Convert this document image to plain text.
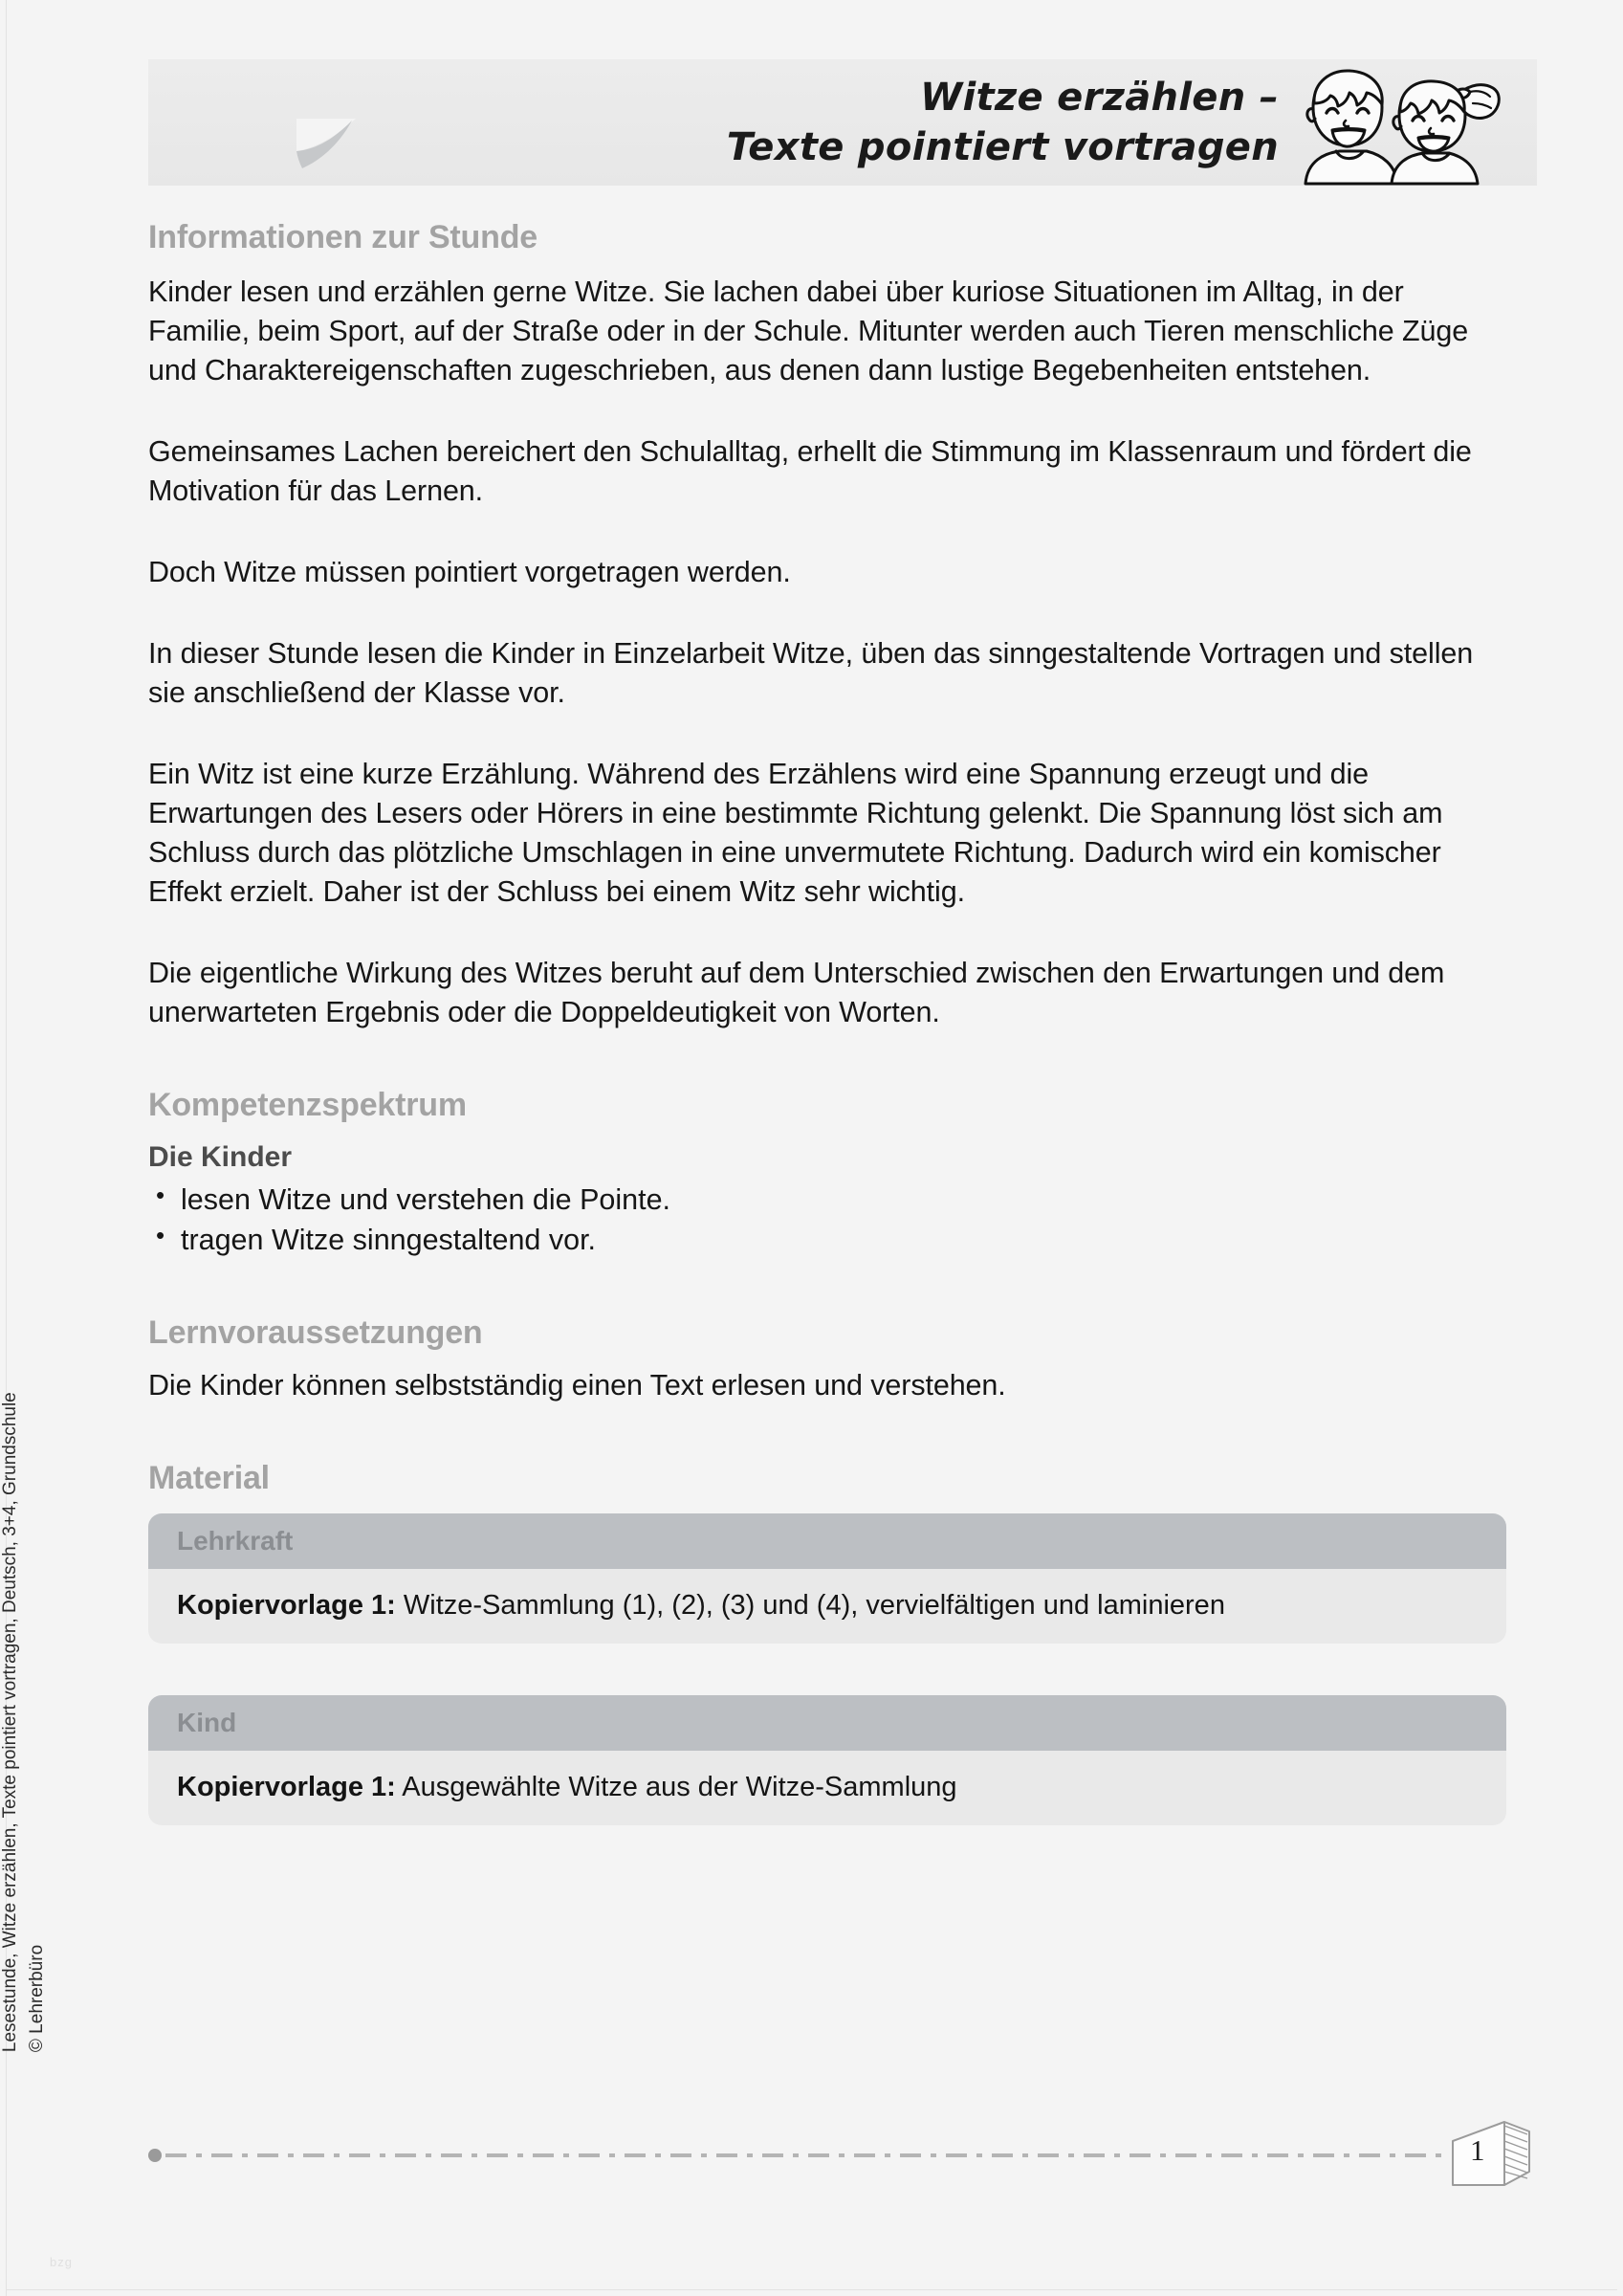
Witze erzählen –
Texte pointiert vortragen
Informationen zur Stunde

Kinder lesen und erzählen gerne Witze. Sie lachen dabei über kuriose Situationen im Alltag, in der Familie, beim Sport, auf der Straße oder in der Schule. Mitunter werden auch Tieren menschliche Züge und Charaktereigenschaften zugeschrieben, aus denen dann lustige Begebenheiten entstehen.

Gemeinsames Lachen bereichert den Schulalltag, erhellt die Stimmung im Klassenraum und fördert die Motivation für das Lernen.

Doch Witze müssen pointiert vorgetragen werden.

In dieser Stunde lesen die Kinder in Einzelarbeit Witze, üben das sinngestaltende Vortragen und stellen sie anschließend der Klasse vor.

Ein Witz ist eine kurze Erzählung. Während des Erzählens wird eine Spannung erzeugt und die Erwartungen des Lesers oder Hörers in eine bestimmte Richtung gelenkt. Die Spannung löst sich am Schluss durch das plötzliche Umschlagen in eine unvermutete Richtung. Dadurch wird ein komischer Effekt erzielt. Daher ist der Schluss bei einem Witz sehr wichtig.

Die eigentliche Wirkung des Witzes beruht auf dem Unterschied zwischen den Erwartungen und dem unerwarteten Ergebnis oder die Doppeldeutigkeit von Worten.

Kompetenzspektrum

Die Kinder

• lesen Witze und verstehen die Pointe.
• tragen Witze sinngestaltend vor.
Lernvoraussetzungen

Die Kinder können selbstständig einen Text erlesen und verstehen.

Material
Lehrkraft
Kopiervorlage 1: Witze-Sammlung (1), (2), (3) und (4), vervielfältigen und laminieren
Kind
Kopiervorlage 1: Ausgewählte Witze aus der Witze-Sammlung
Lesestunde, Witze erzählen, Texte pointiert vortragen, Deutsch, 3+4, Grundschule © Lehrerbüro
1
bzg
